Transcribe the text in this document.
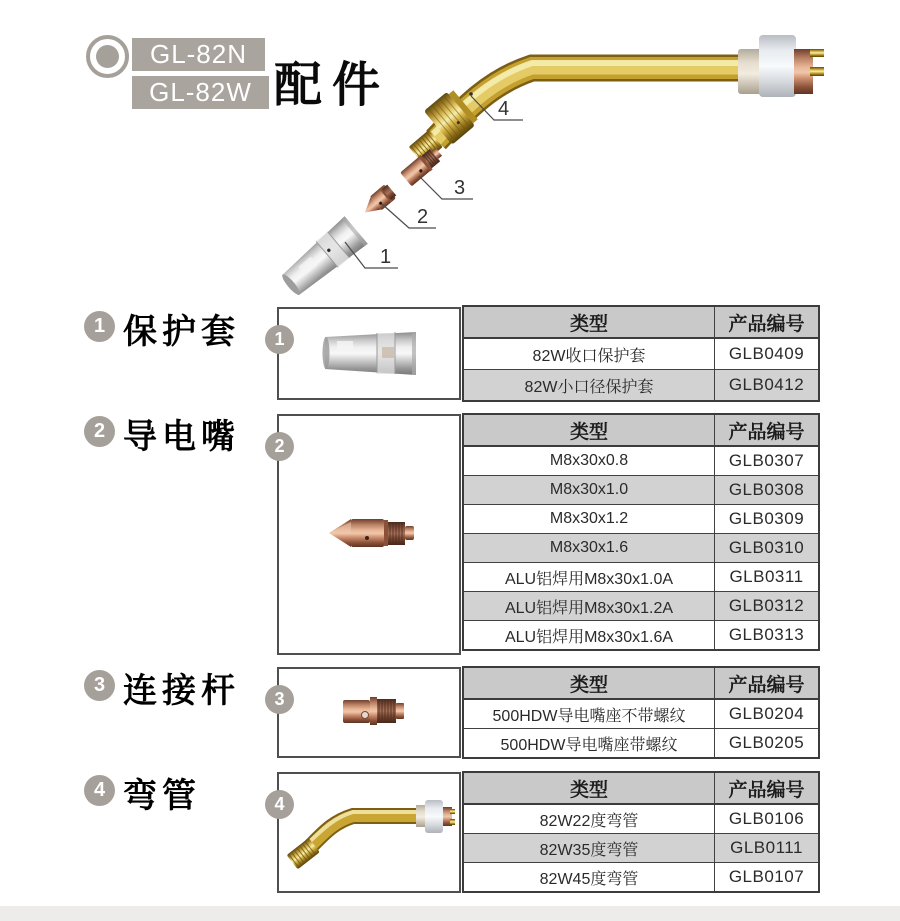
GL-82N
GL-82W 配件
1
2
3
4
1 保护套	1
类型	产品编号
82W收口保护套	GLB0409
82W小口径保护套	GLB0412
2 导电嘴	2
类型	产品编号
M8x30x0.8	GLB0307
M8x30x1.0	GLB0308
M8x30x1.2	GLB0309
M8x30x1.6	GLB0310
ALU铝焊用M8x30x1.0A	GLB0311
ALU铝焊用M8x30x1.2A	GLB0312
ALU铝焊用M8x30x1.6A	GLB0313
3 连接杆	3
类型	产品编号
500HDW导电嘴座不带螺纹	GLB0204
500HDW导电嘴座带螺纹	GLB0205
4 弯管	4
类型	产品编号
82W22度弯管	GLB0106
82W35度弯管	GLB0111
82W45度弯管	GLB0107
